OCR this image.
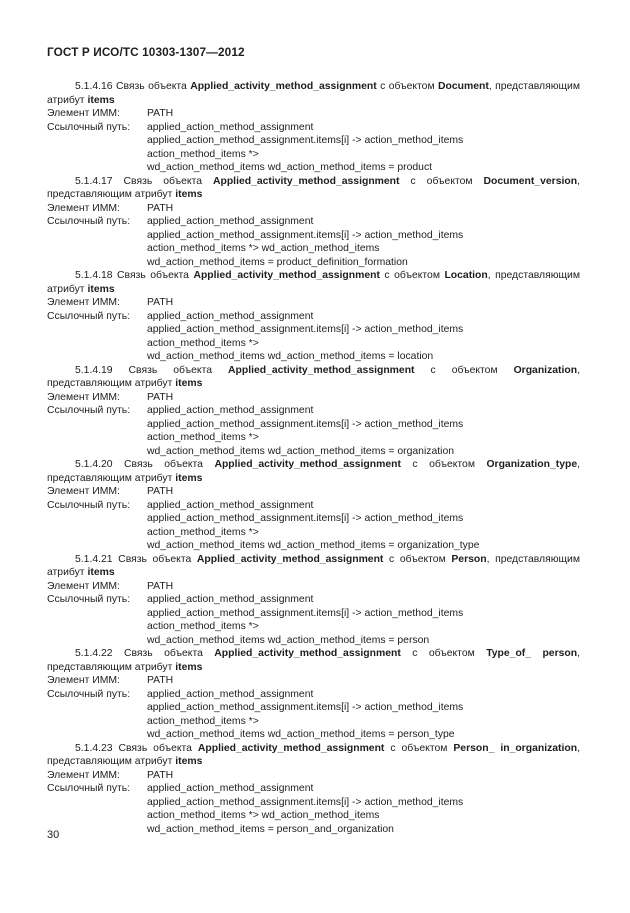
ГОСТ Р ИСО/ТС 10303-1307—2012

5.1.4.16 Связь объекта Applied_activity_method_assignment с объектом Document, представляющим атрибут items

Элемент ИММ:	PATH
Ссылочный путь:	applied_action_method_assignment
applied_action_method_assignment.items[i] -> action_method_items
action_method_items *>
wd_action_method_items wd_action_method_items = product

5.1.4.17 Связь объекта Applied_activity_method_assignment с объектом Document_version, представляющим атрибут items

Элемент ИММ:	PATH
Ссылочный путь:	applied_action_method_assignment
applied_action_method_assignment.items[i] -> action_method_items
action_method_items *> wd_action_method_items
wd_action_method_items = product_definition_formation

5.1.4.18 Связь объекта Applied_activity_method_assignment с объектом Location, представляющим атрибут items

Элемент ИММ:	PATH
Ссылочный путь:	applied_action_method_assignment
applied_action_method_assignment.items[i] -> action_method_items
action_method_items *>
wd_action_method_items wd_action_method_items = location

5.1.4.19 Связь объекта Applied_activity_method_assignment с объектом Organization, представляющим атрибут items

Элемент ИММ:	PATH
Ссылочный путь:	applied_action_method_assignment
applied_action_method_assignment.items[i] -> action_method_items
action_method_items *>
wd_action_method_items wd_action_method_items = organization

5.1.4.20 Связь объекта Applied_activity_method_assignment с объектом Organization_type, представляющим атрибут items

Элемент ИММ:	PATH
Ссылочный путь:	applied_action_method_assignment
applied_action_method_assignment.items[i] -> action_method_items
action_method_items *>
wd_action_method_items wd_action_method_items = organization_type

5.1.4.21 Связь объекта Applied_activity_method_assignment с объектом Person, представляющим атрибут items

Элемент ИММ:	PATH
Ссылочный путь:	applied_action_method_assignment
applied_action_method_assignment.items[i] -> action_method_items
action_method_items *>
wd_action_method_items wd_action_method_items = person

5.1.4.22 Связь объекта Applied_activity_method_assignment с объектом Type_of_ person, представляющим атрибут items

Элемент ИММ:	PATH
Ссылочный путь:	applied_action_method_assignment
applied_action_method_assignment.items[i] -> action_method_items
action_method_items *>
wd_action_method_items wd_action_method_items = person_type

5.1.4.23 Связь объекта Applied_activity_method_assignment с объектом Person_ in_organization, представляющим атрибут items

Элемент ИММ:	PATH
Ссылочный путь:	applied_action_method_assignment
applied_action_method_assignment.items[i] -> action_method_items
action_method_items *> wd_action_method_items
wd_action_method_items = person_and_organization
30
